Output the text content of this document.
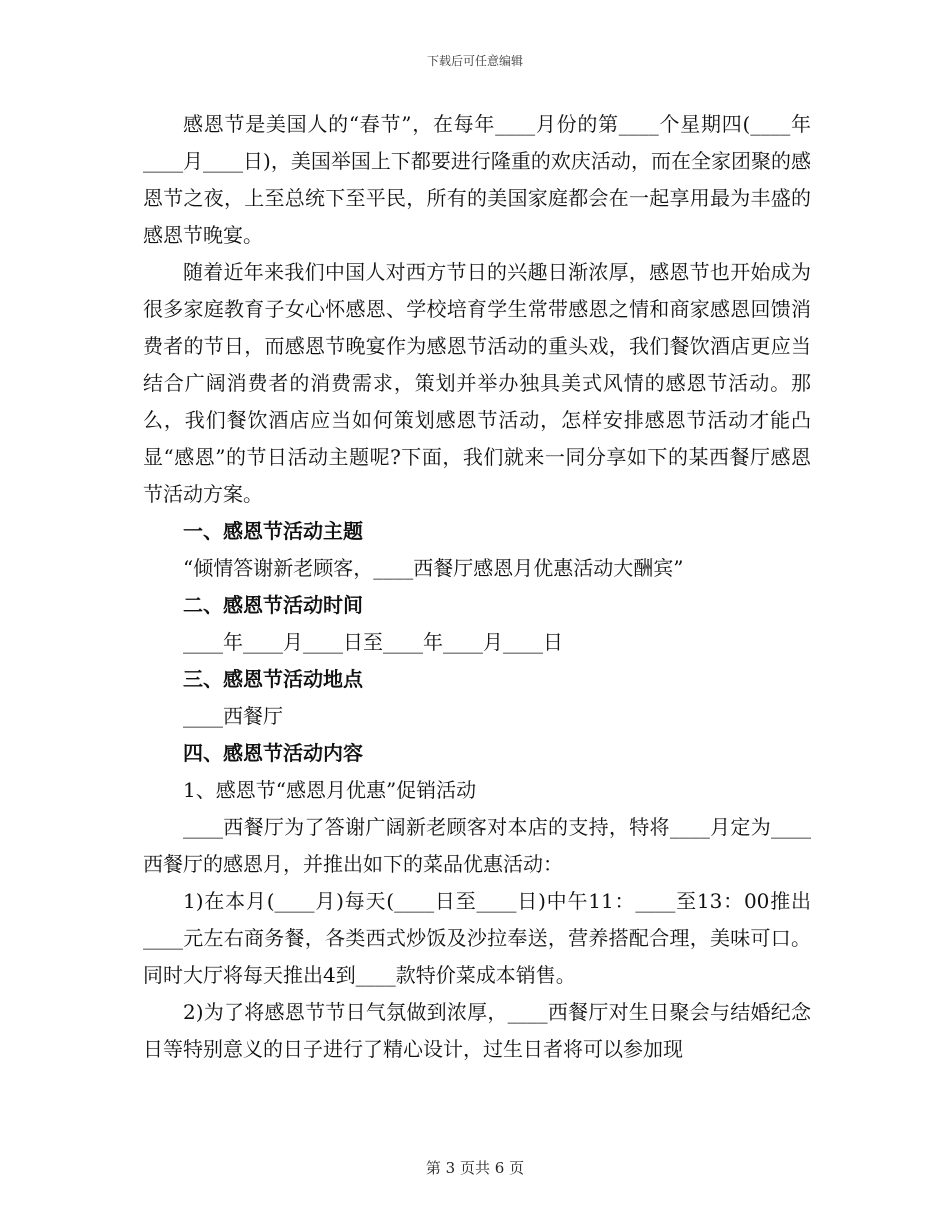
下载后可任意编辑

感恩节是美国人的“春节”，在每年____月份的第____个星期四(____年____月____日)，美国举国上下都要进行隆重的欢庆活动，而在全家团聚的感恩节之夜，上至总统下至平民，所有的美国家庭都会在一起享用最为丰盛的感恩节晚宴。

随着近年来我们中国人对西方节日的兴趣日渐浓厚，感恩节也开始成为很多家庭教育子女心怀感恩、学校培育学生常带感恩之情和商家感恩回馈消费者的节日，而感恩节晚宴作为感恩节活动的重头戏，我们餐饮酒店更应当结合广阔消费者的消费需求，策划并举办独具美式风情的感恩节活动。那么，我们餐饮酒店应当如何策划感恩节活动，怎样安排感恩节活动才能凸显“感恩”的节日活动主题呢?下面，我们就来一同分享如下的某西餐厅感恩节活动方案。

一、感恩节活动主题

“倾情答谢新老顾客，____西餐厅感恩月优惠活动大酬宾”

二、感恩节活动时间

____年____月____日至____年____月____日

三、感恩节活动地点

____西餐厅

四、感恩节活动内容

1、感恩节“感恩月优惠”促销活动

____西餐厅为了答谢广阔新老顾客对本店的支持，特将____月定为____西餐厅的感恩月，并推出如下的菜品优惠活动：

1)在本月(____月)每天(____日至____日)中午11：____至13：00推出____元左右商务餐，各类西式炒饭及沙拉奉送，营养搭配合理，美味可口。同时大厅将每天推出4到____款特价菜成本销售。

2)为了将感恩节节日气氛做到浓厚，____西餐厅对生日聚会与结婚纪念日等特别意义的日子进行了精心设计，过生日者将可以参加现

第 3 页共 6 页
